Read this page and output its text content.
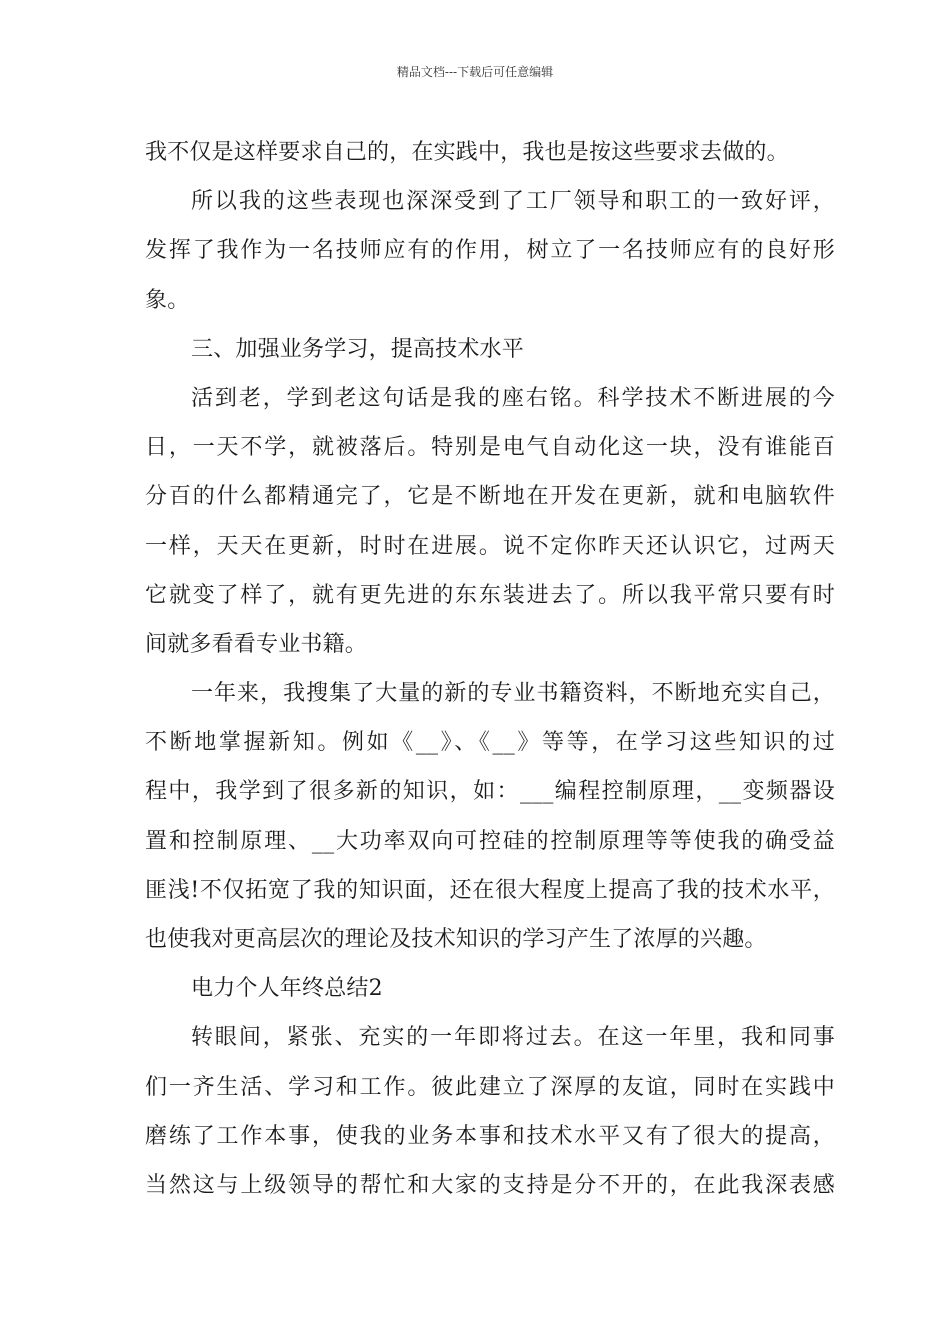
精品文档---下载后可任意编辑
我不仅是这样要求自己的，在实践中，我也是按这些要求去做的。
所以我的这些表现也深深受到了工厂领导和职工的一致好评，
发挥了我作为一名技师应有的作用，树立了一名技师应有的良好形
象。
三、加强业务学习，提高技术水平
活到老，学到老这句话是我的座右铭。科学技术不断进展的今
日，一天不学，就被落后。特别是电气自动化这一块，没有谁能百
分百的什么都精通完了，它是不断地在开发在更新，就和电脑软件
一样，天天在更新，时时在进展。说不定你昨天还认识它，过两天
它就变了样了，就有更先进的东东装进去了。所以我平常只要有时
间就多看看专业书籍。
一年来，我搜集了大量的新的专业书籍资料，不断地充实自己，
不断地掌握新知。例如《__》、《__》等等，在学习这些知识的过
程中，我学到了很多新的知识，如：___编程控制原理，__变频器设
置和控制原理、__大功率双向可控硅的控制原理等等使我的确受益
匪浅!不仅拓宽了我的知识面，还在很大程度上提高了我的技术水平，
也使我对更高层次的理论及技术知识的学习产生了浓厚的兴趣。
电力个人年终总结2
转眼间，紧张、充实的一年即将过去。在这一年里，我和同事
们一齐生活、学习和工作。彼此建立了深厚的友谊，同时在实践中
磨练了工作本事，使我的业务本事和技术水平又有了很大的提高，
当然这与上级领导的帮忙和大家的支持是分不开的，在此我深表感
